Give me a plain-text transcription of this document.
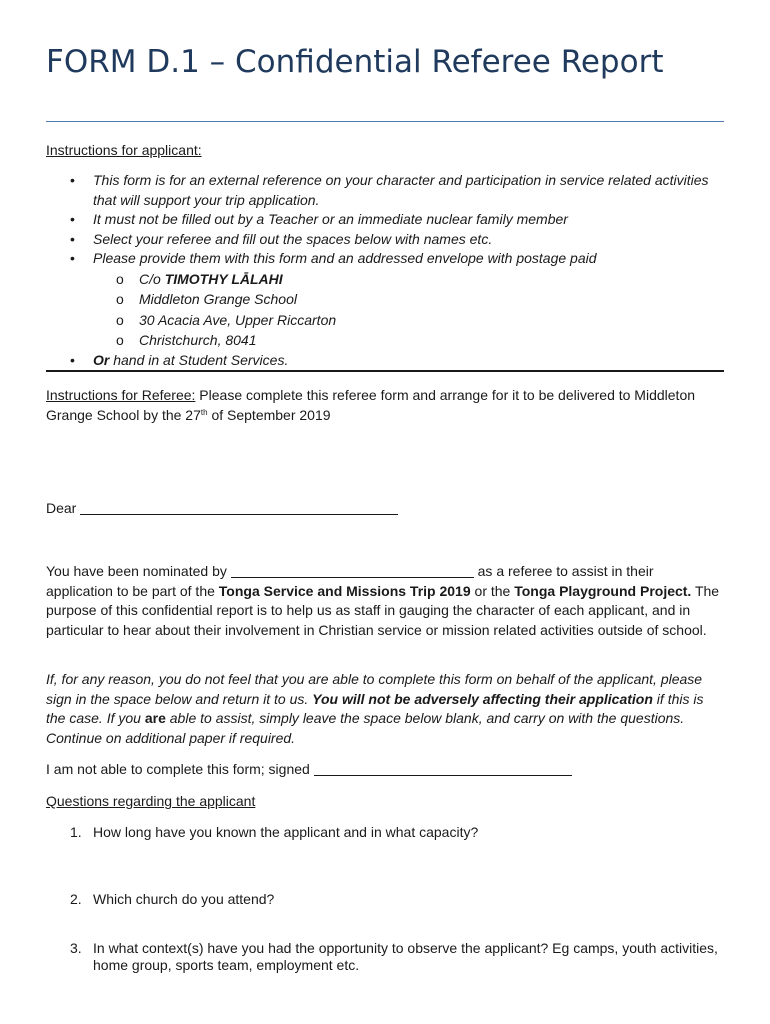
FORM D.1 – Confidential Referee Report
Instructions for applicant:
• This form is for an external reference on your character and participation in service related activities that will support your trip application.
• It must not be filled out by a Teacher or an immediate nuclear family member
• Select your referee and fill out the spaces below with names etc.
• Please provide them with this form and an addressed envelope with postage paid
o C/o TIMOTHY LĀLAHI
o Middleton Grange School
o 30 Acacia Ave, Upper Riccarton
o Christchurch, 8041
• Or hand in at Student Services.

Instructions for Referee: Please complete this referee form and arrange for it to be delivered to Middleton Grange School by the 27th of September 2019

Dear

You have been nominated by	as a referee to assist in their application to be part of the Tonga Service and Missions Trip 2019 or the Tonga Playground Project. The purpose of this confidential report is to help us as staff in gauging the character of each applicant, and in particular to hear about their involvement in Christian service or mission related activities outside of school.

If, for any reason, you do not feel that you are able to complete this form on behalf of the applicant, please sign in the space below and return it to us. You will not be adversely affecting their application if this is the case. If you are able to assist, simply leave the space below blank, and carry on with the questions. Continue on additional paper if required.

I am not able to complete this form; signed
Questions regarding the applicant
1. How long have you known the applicant and in what capacity?
2. Which church do you attend?
3. In what context(s) have you had the opportunity to observe the applicant? Eg camps, youth activities, home group, sports team, employment etc.
